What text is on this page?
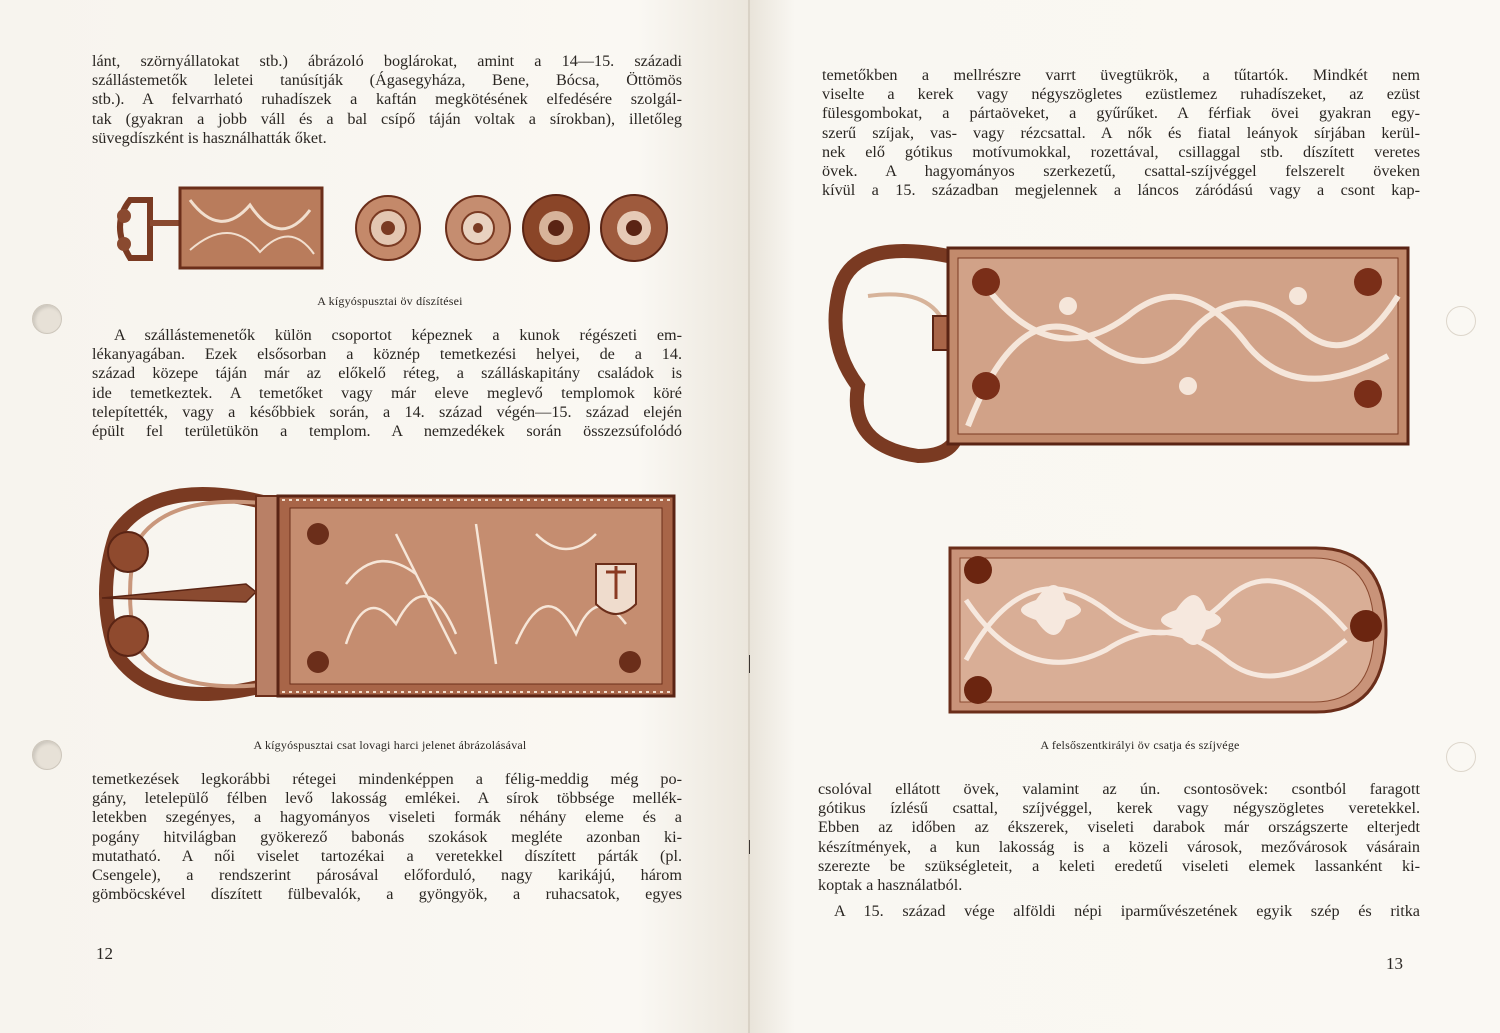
lánt, szörnyállatokat stb.) ábrázoló boglárokat, amint a 14—15. századi
szállástemetők leletei tanúsítják (Ágasegyháza, Bene, Bócsa, Öttömös
stb.). A felvarrható ruhadíszek a kaftán megkötésének elfedésére szolgál-
tak (gyakran a jobb váll és a bal csípő táján voltak a sírokban), illetőleg
süvegdíszként is használhatták őket.

A kígyóspusztai öv díszítései

A szállástemenetők külön csoportot képeznek a kunok régészeti em-
lékanyagában. Ezek elsősorban a köznép temetkezési helyei, de a 14.
század közepe táján már az előkelő réteg, a szálláskapitány családok is
ide temetkeztek. A temetőket vagy már eleve meglevő templomok köré
telepítették, vagy a későbbiek során, a 14. század végén—15. század elején
épült fel területükön a templom. A nemzedékek során összezsúfolódó

A kígyóspusztai csat lovagi harci jelenet ábrázolásával

temetkezések legkorábbi rétegei mindenképpen a félig-meddig még po-
gány, letelepülő félben levő lakosság emlékei. A sírok többsége mellék-
letekben szegényes, a hagyományos viseleti formák néhány eleme és a
pogány hitvilágban gyökerező babonás szokások megléte azonban ki-
mutatható. A női viselet tartozékai a veretekkel díszített párták (pl.
Csengele), a rendszerint párosával előforduló, nagy karikájú, három
gömböcskével díszített fülbevalók, a gyöngyök, a ruhacsatok, egyes

12

temetőkben a mellrészre varrt üvegtükrök, a tűtartók. Mindkét nem
viselte a kerek vagy négyszögletes ezüstlemez ruhadíszeket, az ezüst
fülesgombokat, a pártaöveket, a gyűrűket. A férfiak övei gyakran egy-
szerű szíjak, vas- vagy rézcsattal. A nők és fiatal leányok sírjában kerül-
nek elő gótikus motívumokkal, rozettával, csillaggal stb. díszített veretes
övek. A hagyományos szerkezetű, csattal-szíjvéggel felszerelt öveken
kívül a 15. században megjelennek a láncos záródású vagy a csont kap-

A felsőszentkirályi öv csatja és szíjvége

csolóval ellátott övek, valamint az ún. csontosövek: csontból faragott
gótikus ízlésű csattal, szíjvéggel, kerek vagy négyszögletes veretekkel.
Ebben az időben az ékszerek, viseleti darabok már országszerte elterjedt
készítmények, a kun lakosság is a közeli városok, mezővárosok vásárain
szerezte be szükségleteit, a keleti eredetű viseleti elemek lassanként ki-
koptak a használatból.

A 15. század vége alföldi népi iparművészetének egyik szép és ritka

13
